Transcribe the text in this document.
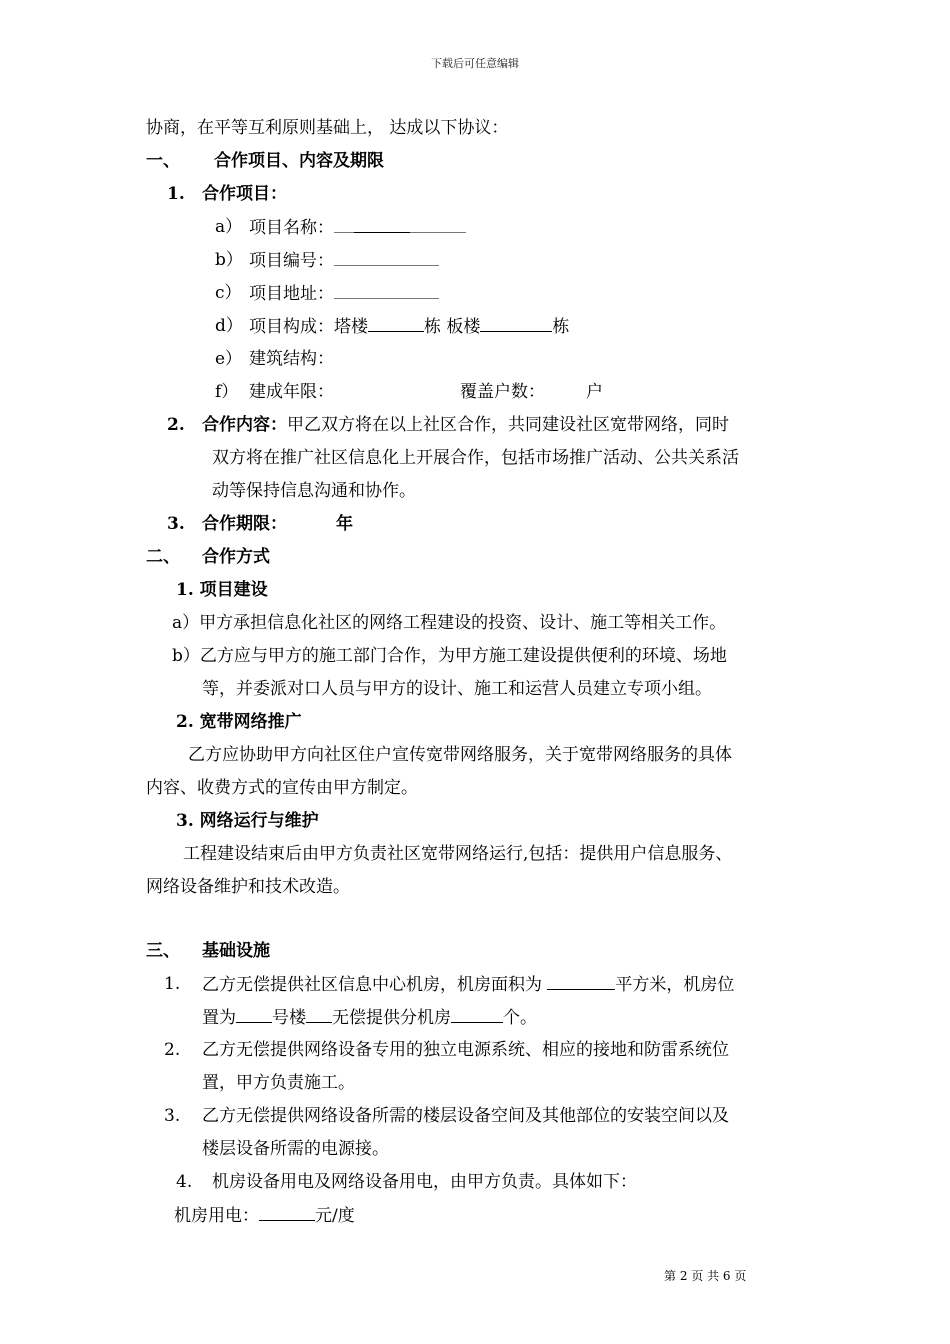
下载后可任意编辑
协商，在平等互利原则基础上， 达成以下协议：
一、 合作项目、内容及期限
1. 合作项目：
a） 项目名称：
b） 项目编号：
c） 项目地址：
d） 项目构成：塔楼	栋 板楼	栋
e） 建筑结构：
f） 建成年限：	覆盖户数： 户
2. 合作内容：甲乙双方将在以上社区合作，共同建设社区宽带网络，同时
双方将在推广社区信息化上开展合作，包括市场推广活动、公共关系活
动等保持信息沟通和协作。
3. 合作期限：	年
二、 合作方式
1. 项目建设
a）甲方承担信息化社区的网络工程建设的投资、设计、施工等相关工作。
b）乙方应与甲方的施工部门合作，为甲方施工建设提供便利的环境、场地
等，并委派对口人员与甲方的设计、施工和运营人员建立专项小组。
2. 宽带网络推广
乙方应协助甲方向社区住户宣传宽带网络服务，关于宽带网络服务的具体
内容、收费方式的宣传由甲方制定。
3. 网络运行与维护
工程建设结束后由甲方负责社区宽带网络运行,包括：提供用户信息服务、
网络设备维护和技术改造。
三、 基础设施
1. 乙方无偿提供社区信息中心机房，机房面积为	平方米，机房位
置为 号楼 无偿提供分机房	个。
2. 乙方无偿提供网络设备专用的独立电源系统、相应的接地和防雷系统位
置，甲方负责施工。
3. 乙方无偿提供网络设备所需的楼层设备空间及其他部位的安装空间以及
楼层设备所需的电源接。
4. 机房设备用电及网络设备用电，由甲方负责。具体如下：
机房用电：	元/度
第 2 页 共 6 页
